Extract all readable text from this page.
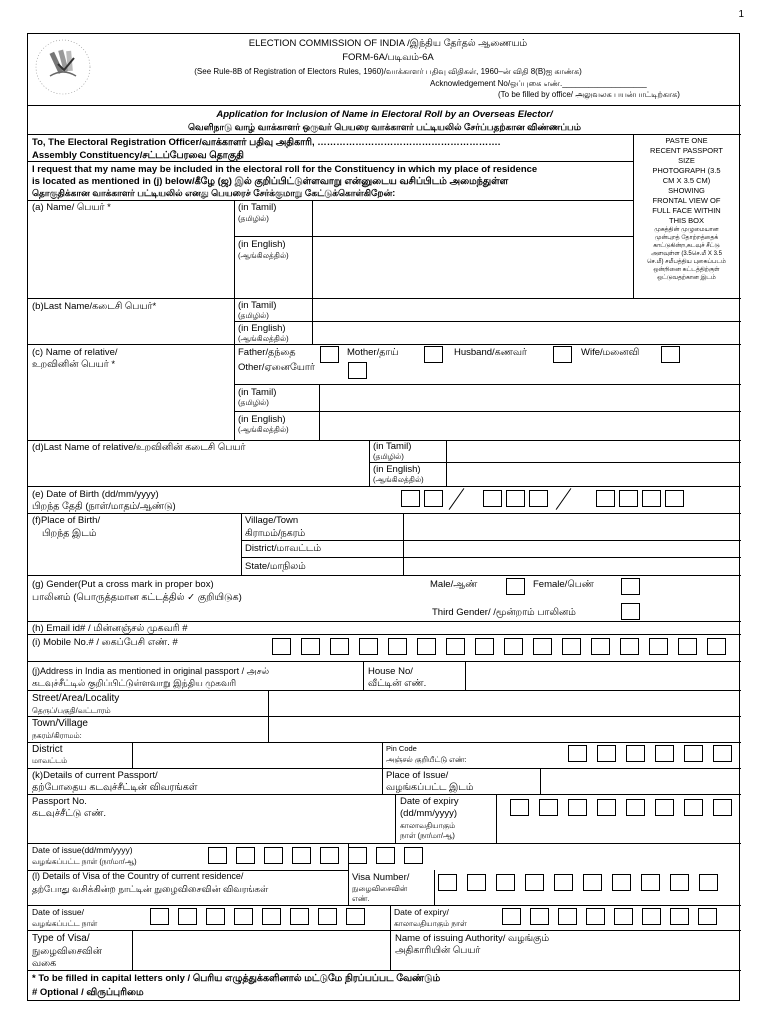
1
ELECTION COMMISSION OF INDIA /இந்திய தேர்தல் ஆணையம்
FORM-6A/படிவம்-6A
(See Rule-8B of Registration of Electors Rules, 1960)/வாக்காளர் பதிவு விதிகள், 1960–ன் விதி 8(B)ஐ காண்க)
Acknowledgement No/ஒப்புகை எண்.___________________
(To be filled by office/ அலுவலக பயன்பாட்டிற்காக)
Application for Inclusion of Name in Electoral Roll by an Overseas Elector/
வெளிநாடு வாழ் வாக்காளர் ஒருவர் பெயரை வாக்காளர் பட்டியலில் சேர்ப்பதற்கான விண்ணப்பம்
PASTE ONE
RECENT PASSPORT
SIZE
PHOTOGRAPH (3.5
CM X 3.5 CM)
SHOWING
FRONTAL VIEW OF
FULL FACE WITHIN
THIS BOX
முகத்தின் முழுமையான
முன்புறத் தோற்றத்தைக்
காட்டுகின்ற,கடவுச் சீட்டு
அளவுள்ள (3.5செ.மீ X 3.5
செ.மீ) சமீபத்திய புகைப்படம்
ஒன்றினை கட்டத்திற்குள்
ஒட்டுவதற்கான இடம்
To, The Electoral Registration Officer/வாக்காளர் பதிவு அதிகாரி, ………………………………………………….
Assembly Constituency/சட்டப்பேரவை தொகுதி
I request that my name may be included in the electoral roll for the Constituency in which my place of residence
is located as mentioned in (j) below/கீழே (ஜ) இல் குறிப்பிட்டுள்ளவாறு என்னுடைய வசிப்பிடம் அமைந்துள்ள
தொகுதிக்கான வாக்காளர் பட்டியலில் எனது பெயரைச் சேர்க்குமாறு கேட்டுக்கொள்கிறேன்:
(a) Name/ பெயர் *	(in Tamil)
(தமிழில்)
(in English)
(ஆங்கிலத்தில்)
(b)Last Name/கடைசி பெயர்*	(in Tamil)
(தமிழில்)
(in English)
(ஆங்கிலத்தில்)
(c) Name of relative/
உறவினின் பெயர் *
Father/தந்தை	Mother/தாய்	Husband/கணவர்	Wife/மனைவி
Other/ஏனையோர்
(in Tamil)
(தமிழில்)
(in English)
(ஆங்கிலத்தில்)
(d)Last Name of relative/உறவினின் கடைசி பெயர்	(in Tamil)
(தமிழில்)
(in English)
(ஆங்கிலத்தில்)
(e) Date of Birth (dd/mm/yyyy)
பிறந்த தேதி (நாள்/மாதம்/ஆண்டு)
(f)Place of Birth/
பிறந்த இடம்
Village/Town
கிராமம்/நகரம்
District/மாவட்டம்
State/மாநிலம்
(g) Gender(Put a cross mark in proper box)
பாலினம் (பொருத்தமான கட்டத்தில் ✓ குறியிடுக)
Male/ஆண்	Female/பெண்
Third Gender/ /மூன்றாம் பாலினம்
(h) Email id# / மின்னஞ்சல் முகவரி #
(i) Mobile No.# / கைப்பேசி எண். #
(j)Address in India as mentioned in original passport / அசல்
கடவுச்சீட்டில் குறிப்பிட்டுள்ளவாறு இந்திய முகவரி
House No/
வீட்டின் எண்.
Street/Area/Locality
தெருப்/பகுதி/வட்டாரம்
Town/Village
நகரம்/கிராமம்:
District
மாவட்டம்
Pin Code
அஞ்சல் குறியீட்டு எண்:
(k)Details of current Passport/
தற்போதைய கடவுச்சீட்டின் விவரங்கள்
Place of Issue/
வழங்கப்பட்ட இடம்
Passport No.
கடவுச்சீட்டு எண்.
Date of expiry
(dd/mm/yyyy)
காலாவதியாகும்
நாள் (நா/மா/ஆ)
Date of issue(dd/mm/yyyy)
வழங்கப்பட்ட நாள் (நா/மா/ஆ)
(l) Details of Visa of the Country of current residence/
தற்போது வசிக்கின்ற நாட்டின் நுழைவிசைவின் விவரங்கள்
Visa Number/
நுழைவிசைவின்
எண்.
Date of issue/
வழங்கப்பட்ட நாள்
Date of expiry/
காலாவதியாகும் நாள்
Type of Visa/
நுழைவிசைவின்
வகை
Name of issuing Authority/ வழங்கும்
அதிகாரியின் பெயர்
* To be filled in capital letters only / பெரிய எழுத்துக்களினால் மட்டுமே நிரப்பப்பட வேண்டும்
# Optional / விருப்புரிமை
